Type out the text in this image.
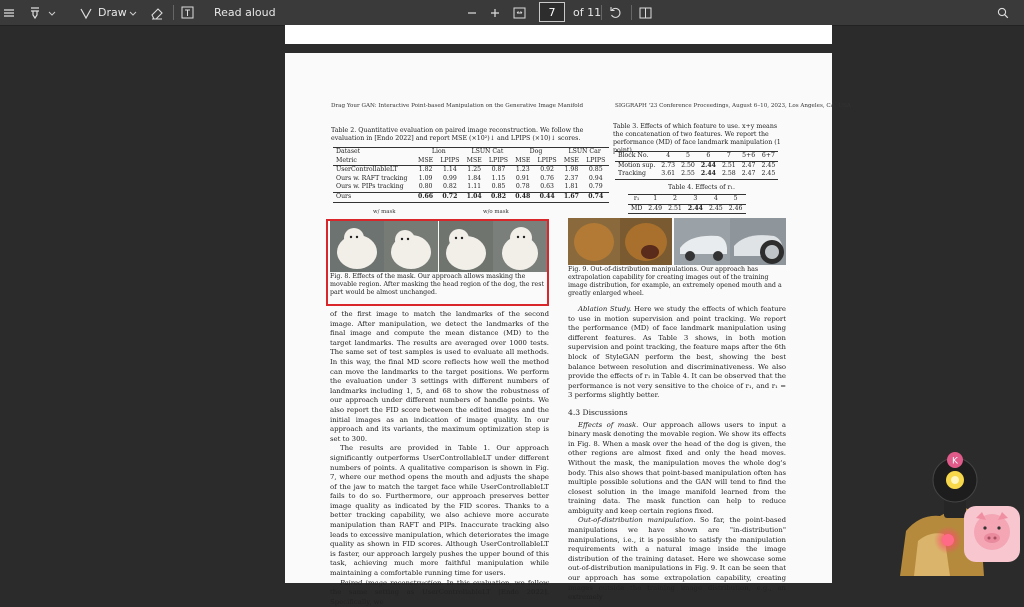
Draw	Read aloud	7	of 11
Drag Your GAN: Interactive Point-based Manipulation on the Generative Image Manifold	SIGGRAPH '23 Conference Proceedings, August 6–10, 2023, Los Angeles, CA, USA
Table 2. Quantitative evaluation on paired image reconstruction. We follow the evaluation in [Endo 2022] and report MSE (×10²)↓ and LPIPS (×10)↓ scores.
Dataset	Lion		LSUN Cat		Dog		LSUN Car	
Metric	MSE	LPIPS	MSE	LPIPS	MSE	LPIPS	MSE	LPIPS
UserControllableLT	1.82	1.14	1.25	0.87	1.23	0.92	1.98	0.85
Ours w. RAFT tracking	1.09	0.99	1.84	1.15	0.91	0.76	2.37	0.94
Ours w. PIPs tracking	0.80	0.82	1.11	0.85	0.78	0.63	1.81	0.79
Ours	0.66	0.72	1.04	0.82	0.48	0.44	1.67	0.74
Table 3. Effects of which feature to use. x+y means the concatenation of two features. We report the performance (MD) of face landmark manipulation (1 point).
Block No.	4	5	6	7	5+6	6+7
Motion sup.	2.73	2.50	2.44	2.51	2.47	2.45
Tracking	3.61	2.55	2.44	2.58	2.47	2.45
Table 4. Effects of r₁.
r₁	1	2	3	4	5
MD	2.49	2.51	2.44	2.45	2.46
w/ mask	w/o mask
Fig. 8. Effects of the mask. Our approach allows masking the movable region. After masking the head region of the dog, the rest part would be almost unchanged.
Fig. 9. Out-of-distribution manipulations. Our approach has extrapolation capability for creating images out of the training image distribution, for example, an extremely opened mouth and a greatly enlarged wheel.

of the first image to match the landmarks of the second image. After manipulation, we detect the landmarks of the final image and compute the mean distance (MD) to the target landmarks. The results are averaged over 1000 tests. The same set of test samples is used to evaluate all methods. In this way, the final MD score reflects how well the method can move the landmarks to the target positions. We perform the evaluation under 3 settings with different numbers of landmarks including 1, 5, and 68 to show the robustness of our approach under different numbers of handle points. We also report the FID score between the edited images and the initial images as an indication of image quality. In our approach and its variants, the maximum optimization step is set to 300.

The results are provided in Table 1. Our approach significantly outperforms UserControllableLT under different numbers of points. A qualitative comparison is shown in Fig. 7, where our method opens the mouth and adjusts the shape of the jaw to match the target face while UserControllableLT fails to do so. Furthermore, our approach preserves better image quality as indicated by the FID scores. Thanks to a better tracking capability, we also achieve more accurate manipulation than RAFT and PIPs. Inaccurate tracking also leads to excessive manipulation, which deteriorates the image quality as shown in FID scores. Although UserControllableLT is faster, our approach largely pushes the upper bound of this task, achieving much more faithful manipulation while maintaining a comfortable running time for users.

Paired image reconstruction. In this evaluation, we follow the same setting as UserControllableLT [Endo 2022]. Specifically, we

Ablation Study. Here we study the effects of which feature to use in motion supervision and point tracking. We report the performance (MD) of face landmark manipulation using different features. As Table 3 shows, in both motion supervision and point tracking, the feature maps after the 6th block of StyleGAN perform the best, showing the best balance between resolution and discriminativeness. We also provide the effects of r₁ in Table 4. It can be observed that the performance is not very sensitive to the choice of r₁, and r₁ = 3 performs slightly better.

4.3 Discussions

Effects of mask. Our approach allows users to input a binary mask denoting the movable region. We show its effects in Fig. 8. When a mask over the head of the dog is given, the other regions are almost fixed and only the head moves. Without the mask, the manipulation moves the whole dog's body. This also shows that point-based manipulation often has multiple possible solutions and the GAN will tend to find the closest solution in the image manifold learned from the training data. The mask function can help to reduce ambiguity and keep certain regions fixed.

Out-of-distribution manipulation. So far, the point-based manipulations we have shown are "in-distribution" manipulations, i.e., it is possible to satisfy the manipulation requirements with a natural image inside the image distribution of the training dataset. Here we showcase some out-of-distribution manipulations in Fig. 9. It can be seen that our approach has some extrapolation capability, creating images outside the training image distribution, e.g., an extremely

K
